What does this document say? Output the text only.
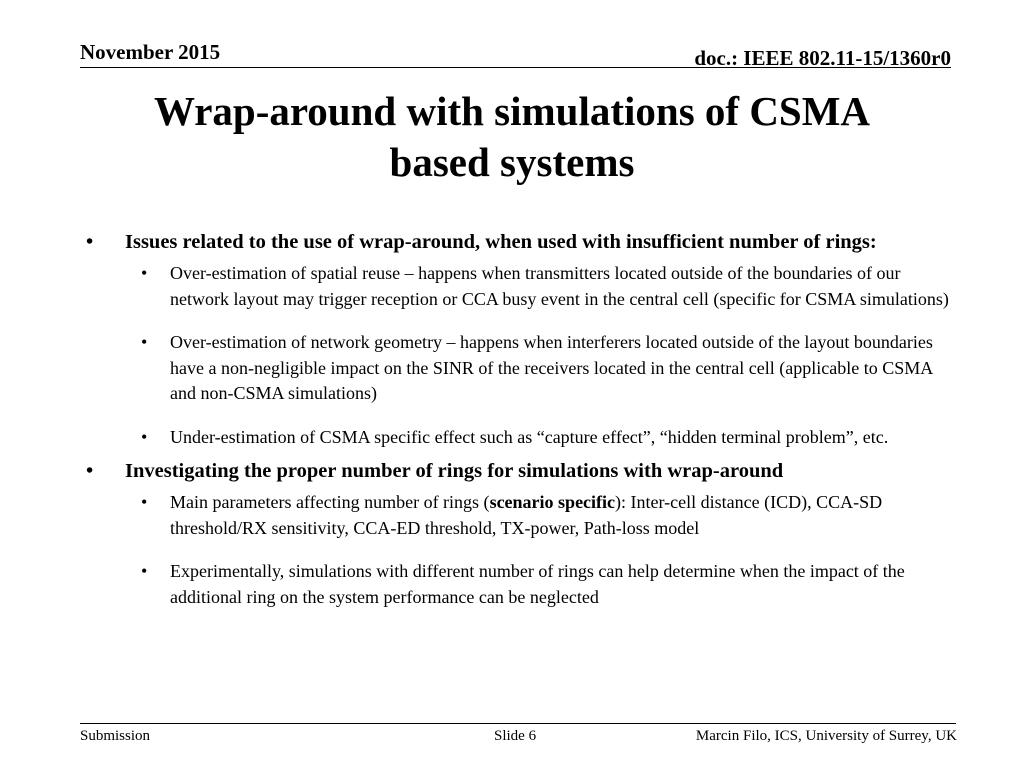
November 2015	doc.: IEEE 802.11-15/1360r0
Wrap-around with simulations of CSMA
based systems

• Issues related to the use of wrap-around, when used with insufficient number of rings:

• Over-estimation of spatial reuse – happens when transmitters located outside of the boundaries of our network layout may trigger reception or CCA busy event in the central cell (specific for CSMA simulations)

• Over-estimation of network geometry – happens when interferers located outside of the layout boundaries have a non-negligible impact on the SINR of the receivers located in the central cell (applicable to CSMA and non-CSMA simulations)

• Under-estimation of CSMA specific effect such as “capture effect”, “hidden terminal problem”, etc.

• Investigating the proper number of rings for simulations with wrap-around

• Main parameters affecting number of rings (scenario specific): Inter-cell distance (ICD), CCA-SD threshold/RX sensitivity, CCA-ED threshold, TX-power, Path-loss model

• Experimentally, simulations with different number of rings can help determine when the impact of the additional ring on the system performance can be neglected

Submission	Slide 6	Marcin Filo, ICS, University of Surrey, UK
